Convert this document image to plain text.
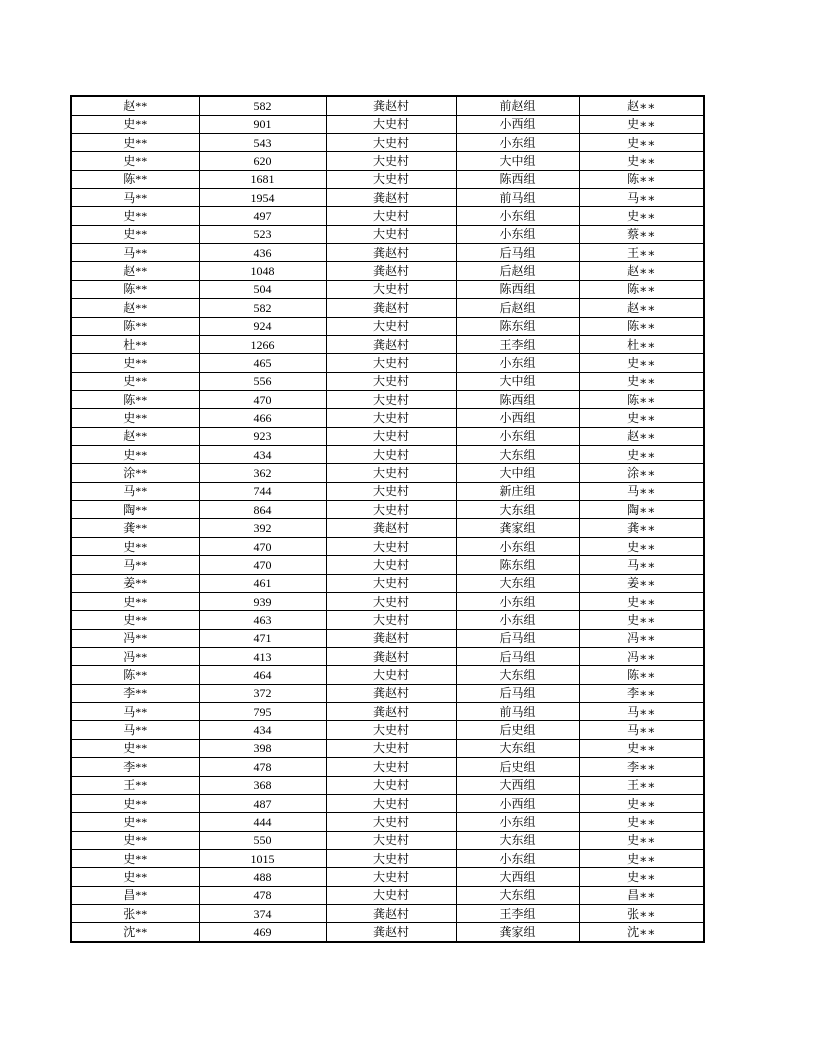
赵**	582	龚赵村	前赵组	赵∗∗
史**	901	大史村	小西组	史∗∗
史**	543	大史村	小东组	史∗∗
史**	620	大史村	大中组	史∗∗
陈**	1681	大史村	陈西组	陈∗∗
马**	1954	龚赵村	前马组	马∗∗
史**	497	大史村	小东组	史∗∗
史**	523	大史村	小东组	蔡∗∗
马**	436	龚赵村	后马组	王∗∗
赵**	1048	龚赵村	后赵组	赵∗∗
陈**	504	大史村	陈西组	陈∗∗
赵**	582	龚赵村	后赵组	赵∗∗
陈**	924	大史村	陈东组	陈∗∗
杜**	1266	龚赵村	王李组	杜∗∗
史**	465	大史村	小东组	史∗∗
史**	556	大史村	大中组	史∗∗
陈**	470	大史村	陈西组	陈∗∗
史**	466	大史村	小西组	史∗∗
赵**	923	大史村	小东组	赵∗∗
史**	434	大史村	大东组	史∗∗
涂**	362	大史村	大中组	涂∗∗
马**	744	大史村	新庄组	马∗∗
陶**	864	大史村	大东组	陶∗∗
龚**	392	龚赵村	龚家组	龚∗∗
史**	470	大史村	小东组	史∗∗
马**	470	大史村	陈东组	马∗∗
姜**	461	大史村	大东组	姜∗∗
史**	939	大史村	小东组	史∗∗
史**	463	大史村	小东组	史∗∗
冯**	471	龚赵村	后马组	冯∗∗
冯**	413	龚赵村	后马组	冯∗∗
陈**	464	大史村	大东组	陈∗∗
李**	372	龚赵村	后马组	李∗∗
马**	795	龚赵村	前马组	马∗∗
马**	434	大史村	后史组	马∗∗
史**	398	大史村	大东组	史∗∗
李**	478	大史村	后史组	李∗∗
王**	368	大史村	大西组	王∗∗
史**	487	大史村	小西组	史∗∗
史**	444	大史村	小东组	史∗∗
史**	550	大史村	大东组	史∗∗
史**	1015	大史村	小东组	史∗∗
史**	488	大史村	大西组	史∗∗
昌**	478	大史村	大东组	昌∗∗
张**	374	龚赵村	王李组	张∗∗
沈**	469	龚赵村	龚家组	沈∗∗
